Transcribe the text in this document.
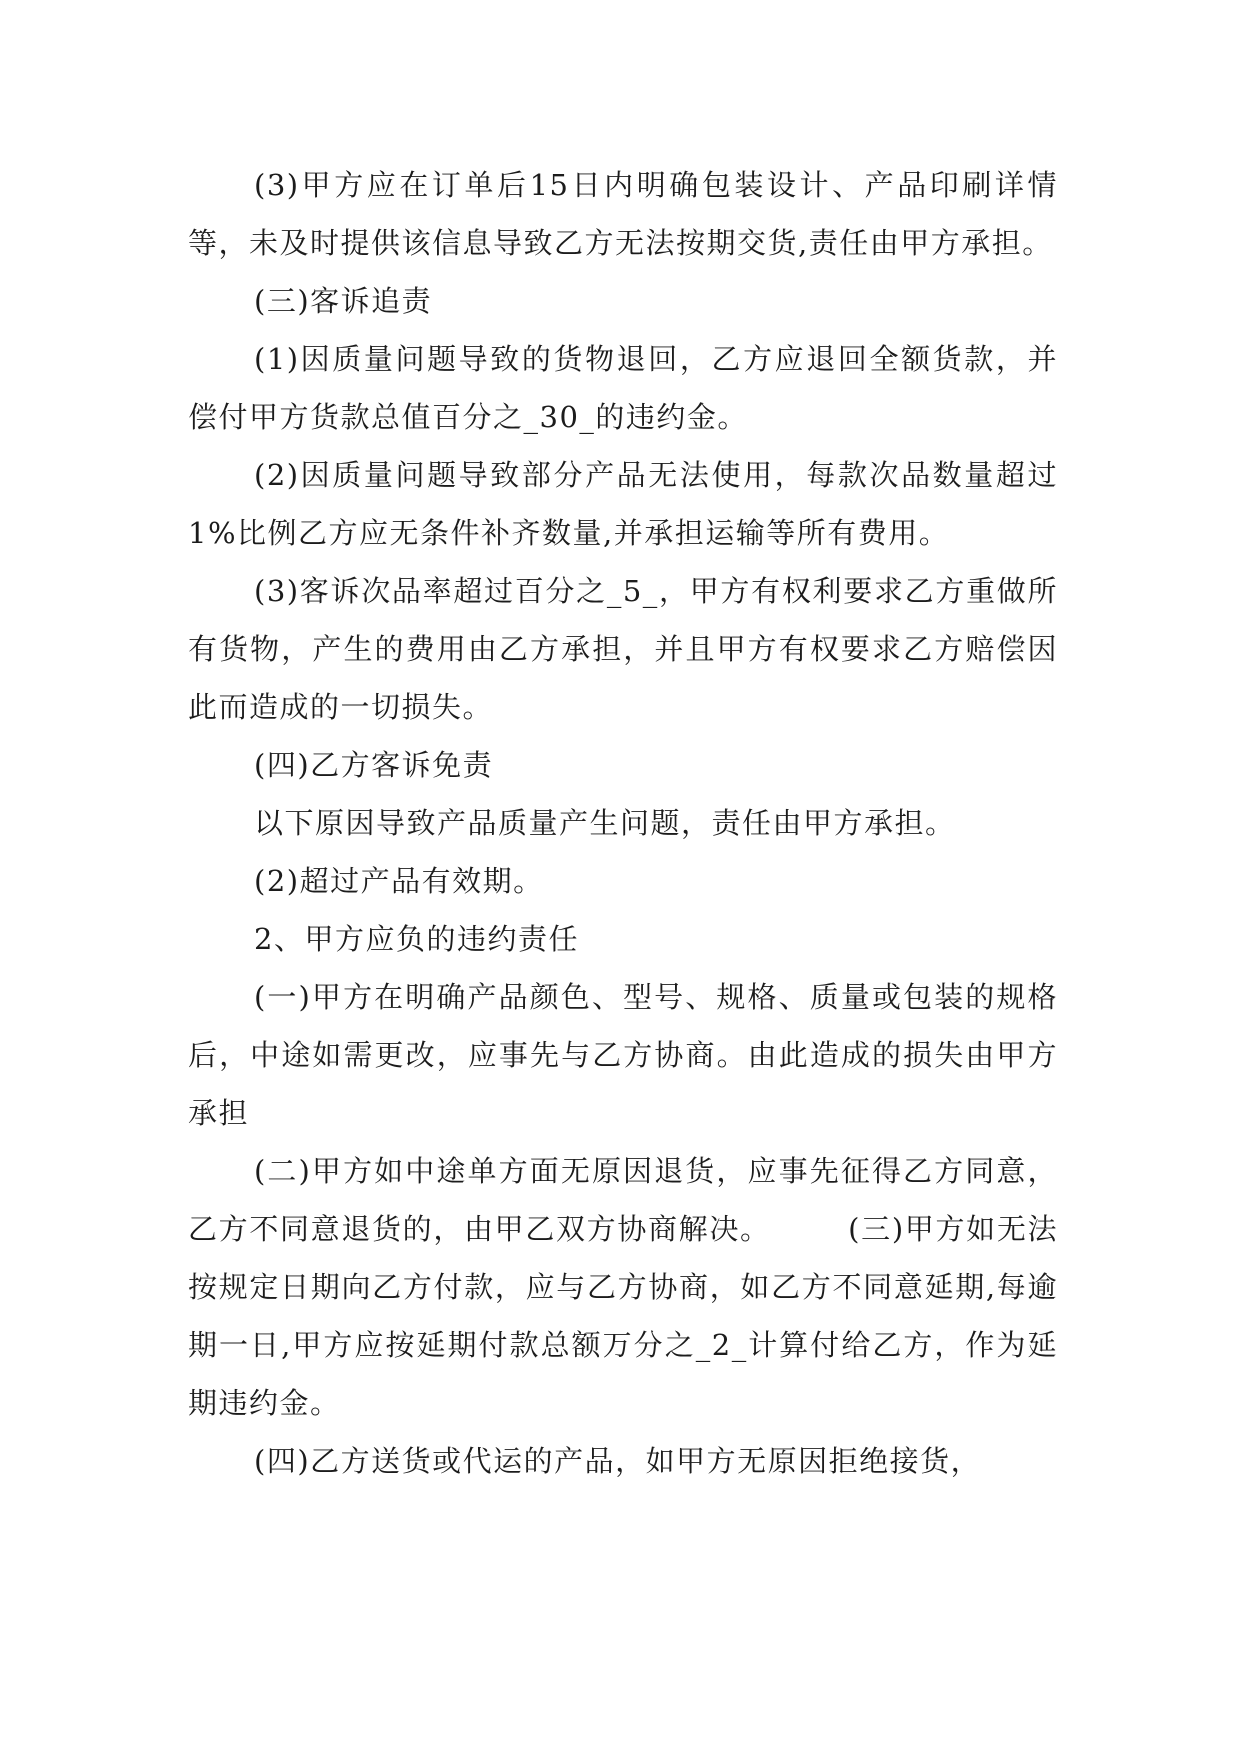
(3)甲方应在订单后15日内明确包装设计、产品印刷详情等，未及时提供该信息导致乙方无法按期交货,责任由甲方承担。

(三)客诉追责

(1)因质量问题导致的货物退回，乙方应退回全额货款，并偿付甲方货款总值百分之_30_的违约金。

(2)因质量问题导致部分产品无法使用，每款次品数量超过1%比例乙方应无条件补齐数量,并承担运输等所有费用。

(3)客诉次品率超过百分之_5_，甲方有权利要求乙方重做所有货物，产生的费用由乙方承担，并且甲方有权要求乙方赔偿因此而造成的一切损失。

(四)乙方客诉免责

以下原因导致产品质量产生问题，责任由甲方承担。

(2)超过产品有效期。

2、甲方应负的违约责任

(一)甲方在明确产品颜色、型号、规格、质量或包装的规格后，中途如需更改，应事先与乙方协商。由此造成的损失由甲方承担

(二)甲方如中途单方面无原因退货，应事先征得乙方同意，乙方不同意退货的，由甲乙双方协商解决。　　　(三)甲方如无法按规定日期向乙方付款，应与乙方协商，如乙方不同意延期,每逾期一日,甲方应按延期付款总额万分之_2_计算付给乙方，作为延期违约金。

(四)乙方送货或代运的产品，如甲方无原因拒绝接货，
